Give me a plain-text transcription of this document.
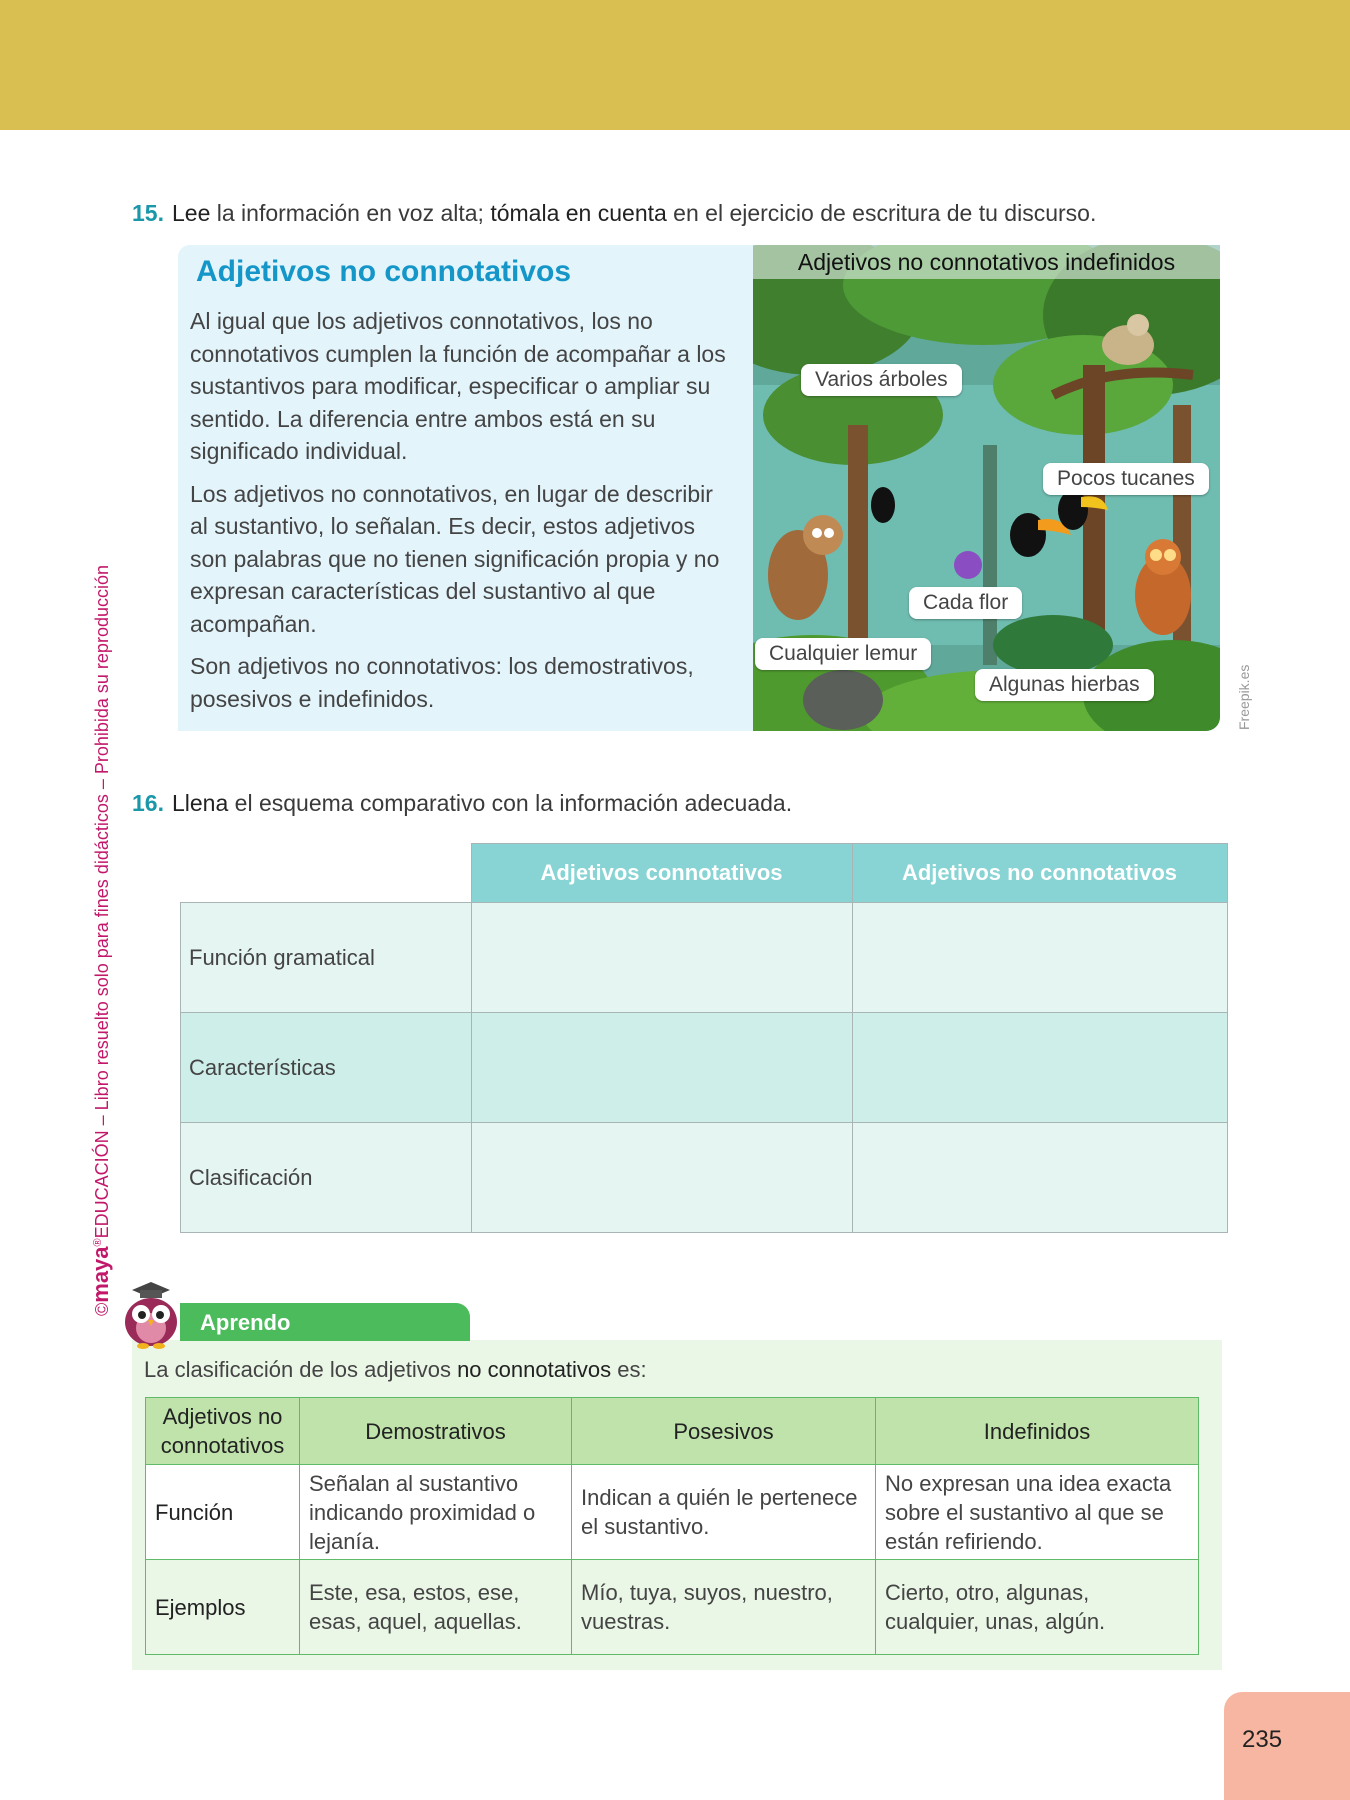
©maya®EDUCACIÓN – Libro resuelto solo para fines didácticos – Prohibida su reproducción
15. Lee la información en voz alta; tómala en cuenta en el ejercicio de escritura de tu discurso.
Adjetivos no connotativos

Al igual que los adjetivos connotativos, los no connotativos cumplen la función de acompañar a los sustantivos para modificar, especificar o ampliar su sentido. La diferencia entre ambos está en su significado individual.

Los adjetivos no connotativos, en lugar de describir al sustantivo, lo señalan. Es decir, estos adjetivos son palabras que no tienen significación propia y no expresan características del sustantivo al que acompañan.

Son adjetivos no connotativos: los demostrativos, posesivos e indefinidos.

Adjetivos no connotativos indefinidos
Varios árboles
Pocos tucanes
Cada flor
Cualquier lemur
Algunas hierbas	Freepik.es
16. Llena el esquema comparativo con la información adecuada.
	Adjetivos connotativos	Adjetivos no connotativos
Función gramatical		
Características		
Clasificación		
Aprendo
La clasificación de los adjetivos no connotativos es:
Adjetivos no connotativos	Demostrativos	Posesivos	Indefinidos
Función	Señalan al sustantivo indicando proximidad o lejanía.	Indican a quién le pertenece el sustantivo.	No expresan una idea exacta sobre el sustantivo al que se están refiriendo.
Ejemplos	Este, esa, estos, ese, esas, aquel, aquellas.	Mío, tuya, suyos, nuestro, vuestras.	Cierto, otro, algunas, cualquier, unas, algún.
235
